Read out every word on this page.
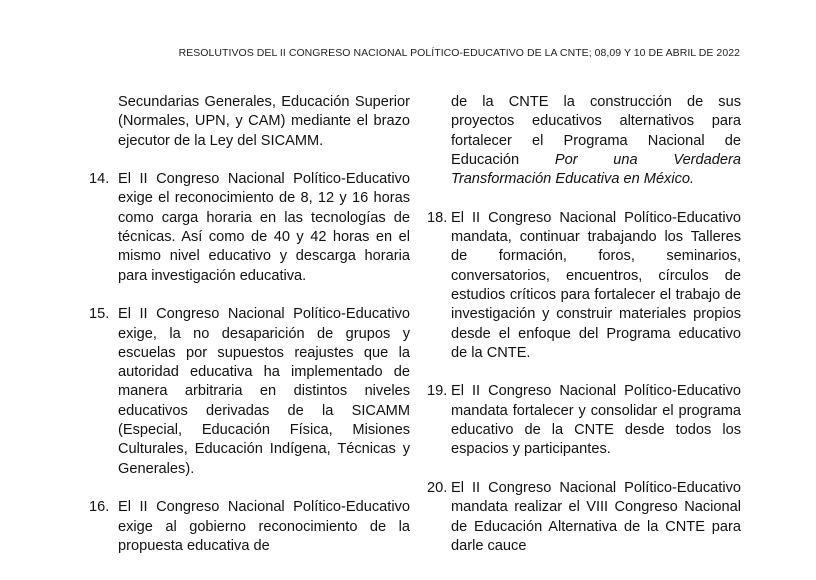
RESOLUTIVOS DEL II CONGRESO NACIONAL POLÍTICO-EDUCATIVO DE LA CNTE; 08,09 Y 10 DE ABRIL DE 2022

Secundarias Generales, Educación Superior (Normales, UPN, y CAM) mediante el brazo ejecutor de la Ley del SICAMM.

14. El II Congreso Nacional Político-Educativo exige el reconocimiento de 8, 12 y 16 horas como carga horaria en las tecnologías de técnicas. Así como de 40 y 42 horas en el mismo nivel educativo y descarga horaria para investigación educativa.

15. El II Congreso Nacional Político-Educativo exige, la no desaparición de grupos y escuelas por supuestos reajustes que la autoridad educativa ha implementado de manera arbitraria en distintos niveles educativos derivadas de la SICAMM (Especial, Educación Física, Misiones Culturales, Educación Indígena, Técnicas y Generales).

16. El II Congreso Nacional Político-Educativo exige al gobierno reconocimiento de la propuesta educativa de

de la CNTE la construcción de sus proyectos educativos alternativos para fortalecer el Programa Nacional de Educación Por una Verdadera Transformación Educativa en México.

18. El II Congreso Nacional Político-Educativo mandata, continuar trabajando los Talleres de formación, foros, seminarios, conversatorios, encuentros, círculos de estudios críticos para fortalecer el trabajo de investigación y construir materiales propios desde el enfoque del Programa educativo de la CNTE.

19. El II Congreso Nacional Político-Educativo mandata fortalecer y consolidar el programa educativo de la CNTE desde todos los espacios y participantes.

20. El II Congreso Nacional Político-Educativo mandata realizar el VIII Congreso Nacional de Educación Alternativa de la CNTE para darle cauce
